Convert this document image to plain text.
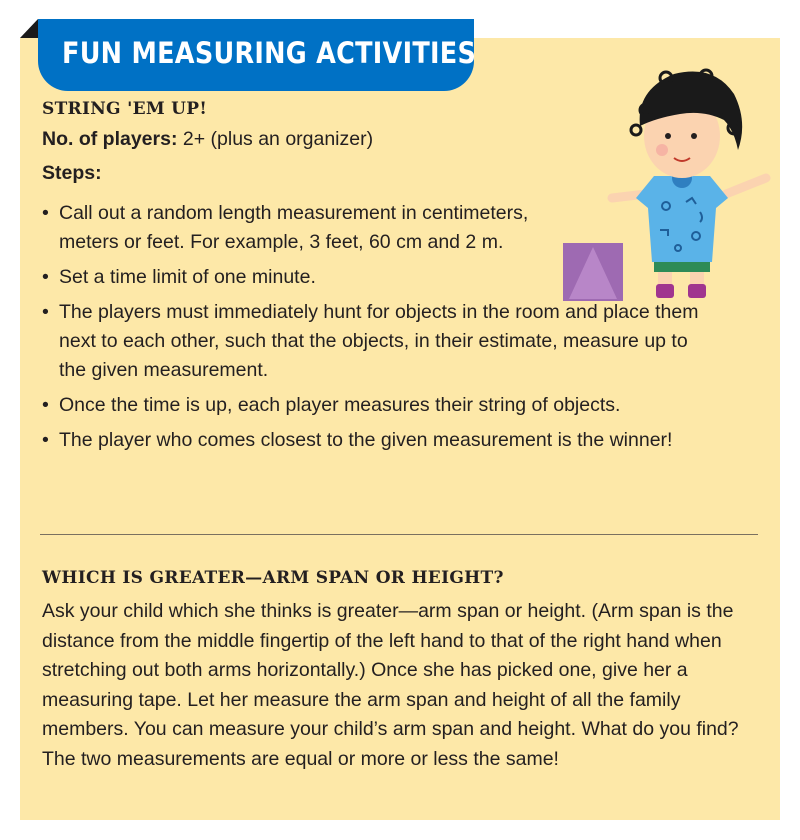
FUN MEASURING ACTIVITIES
STRING 'EM UP!
No. of players: 2+ (plus an organizer)
Steps:
• Call out a random length measurement in centimeters, meters or feet. For example, 3 feet, 60 cm and 2 m.
• Set a time limit of one minute.
• The players must immediately hunt for objects in the room and place them next to each other, such that the objects, in their estimate, measure up to the given measurement.
• Once the time is up, each player measures their string of objects.
• The player who comes closest to the given measurement is the winner!
WHICH IS GREATER—ARM SPAN OR HEIGHT?
Ask your child which she thinks is greater—arm span or height. (Arm span is the distance from the middle fingertip of the left hand to that of the right hand when stretching out both arms horizontally.) Once she has picked one, give her a measuring tape. Let her measure the arm span and height of all the family members. You can measure your child’s arm span and height. What do you find? The two measurements are equal or more or less the same!
